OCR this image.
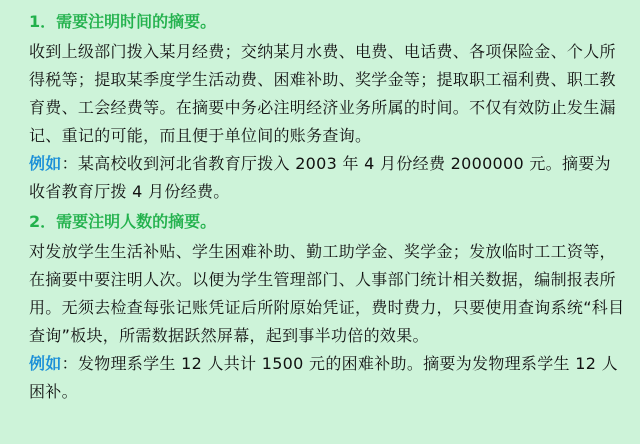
1．需要注明时间的摘要。

收到上级部门拨入某月经费；交纳某月水费、电费、电话费、各项保险金、个人所得税等；提取某季度学生活动费、困难补助、奖学金等；提取职工福利费、职工教育费、工会经费等。在摘要中务必注明经济业务所属的时间。不仅有效防止发生漏记、重记的可能，而且便于单位间的账务查询。

例如：某高校收到河北省教育厅拨入 2003 年 4 月份经费 2000000 元。摘要为收省教育厅拨 4 月份经费。

2．需要注明人数的摘要。

对发放学生生活补贴、学生困难补助、勤工助学金、奖学金；发放临时工工资等，在摘要中要注明人次。以便为学生管理部门、人事部门统计相关数据，编制报表所用。无须去检查每张记账凭证后所附原始凭证，费时费力，只要使用查询系统“科目查询”板块，所需数据跃然屏幕，起到事半功倍的效果。

例如：发物理系学生 12 人共计 1500 元的困难补助。摘要为发物理系学生 12 人困补。
